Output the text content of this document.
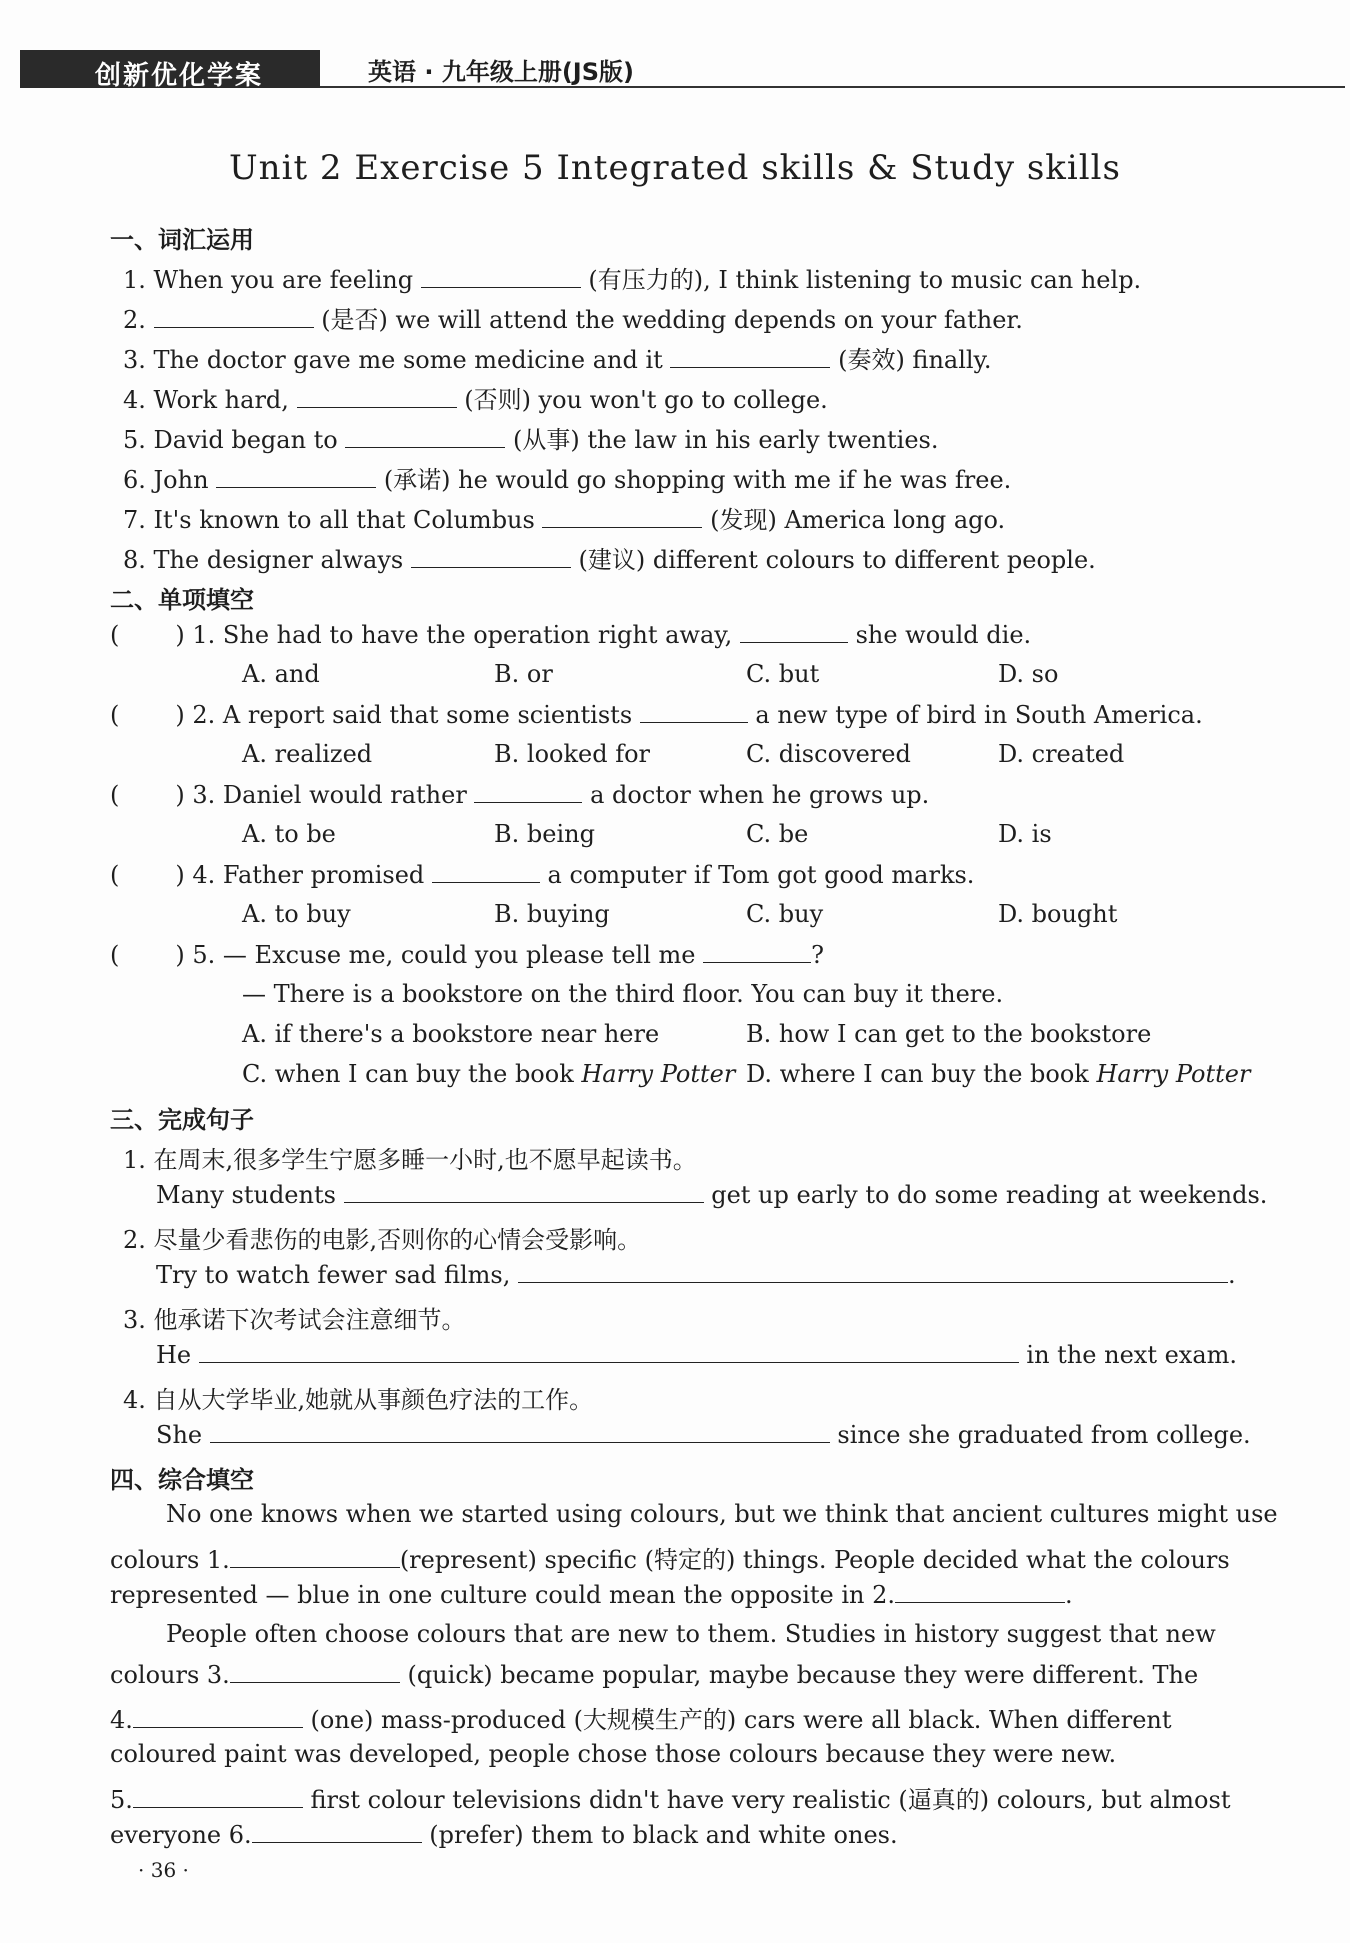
创新优化学案	英语 · 九年级上册(JS版)
Unit 2 Exercise 5 Integrated skills & Study skills
一、词汇运用
1. When you are feeling	(有压力的), I think listening to music can help.
2.	(是否) we will attend the wedding depends on your father.
3. The doctor gave me some medicine and it	(奏效) finally.
4. Work hard,	(否则) you won't go to college.
5. David began to	(从事) the law in his early twenties.
6. John	(承诺) he would go shopping with me if he was free.
7. It's known to all that Columbus	(发现) America long ago.
8. The designer always	(建议) different colours to different people.
二、单项填空
( ) 1. She had to have the operation right away,	she would die.
A. and	B. or	C. but	D. so
( ) 2. A report said that some scientists	a new type of bird in South America.
A. realized	B. looked for	C. discovered	D. created
( ) 3. Daniel would rather	a doctor when he grows up.
A. to be	B. being	C. be	D. is
( ) 4. Father promised	a computer if Tom got good marks.
A. to buy	B. buying	C. buy	D. bought
( ) 5. — Excuse me, could you please tell me	?
— There is a bookstore on the third floor. You can buy it there.
A. if there's a bookstore near here	B. how I can get to the bookstore
C. when I can buy the book Harry Potter D. where I can buy the book Harry Potter
三、完成句子
1. 在周末,很多学生宁愿多睡一小时,也不愿早起读书。
Many students	get up early to do some reading at weekends.
2. 尽量少看悲伤的电影,否则你的心情会受影响。
Try to watch fewer sad films,	.
3. 他承诺下次考试会注意细节。
He	in the next exam.
4. 自从大学毕业,她就从事颜色疗法的工作。
She	since she graduated from college.
四、综合填空
No one knows when we started using colours, but we think that ancient cultures might use
colours 1.	(represent) specific (特定的) things. People decided what the colours
represented — blue in one culture could mean the opposite in 2.	.
People often choose colours that are new to them. Studies in history suggest that new
colours 3.	(quick) became popular, maybe because they were different. The
4.	(one) mass-produced (大规模生产的) cars were all black. When different
coloured paint was developed, people chose those colours because they were new.
5.	first colour televisions didn't have very realistic (逼真的) colours, but almost
everyone 6.	(prefer) them to black and white ones.
· 36 ·
